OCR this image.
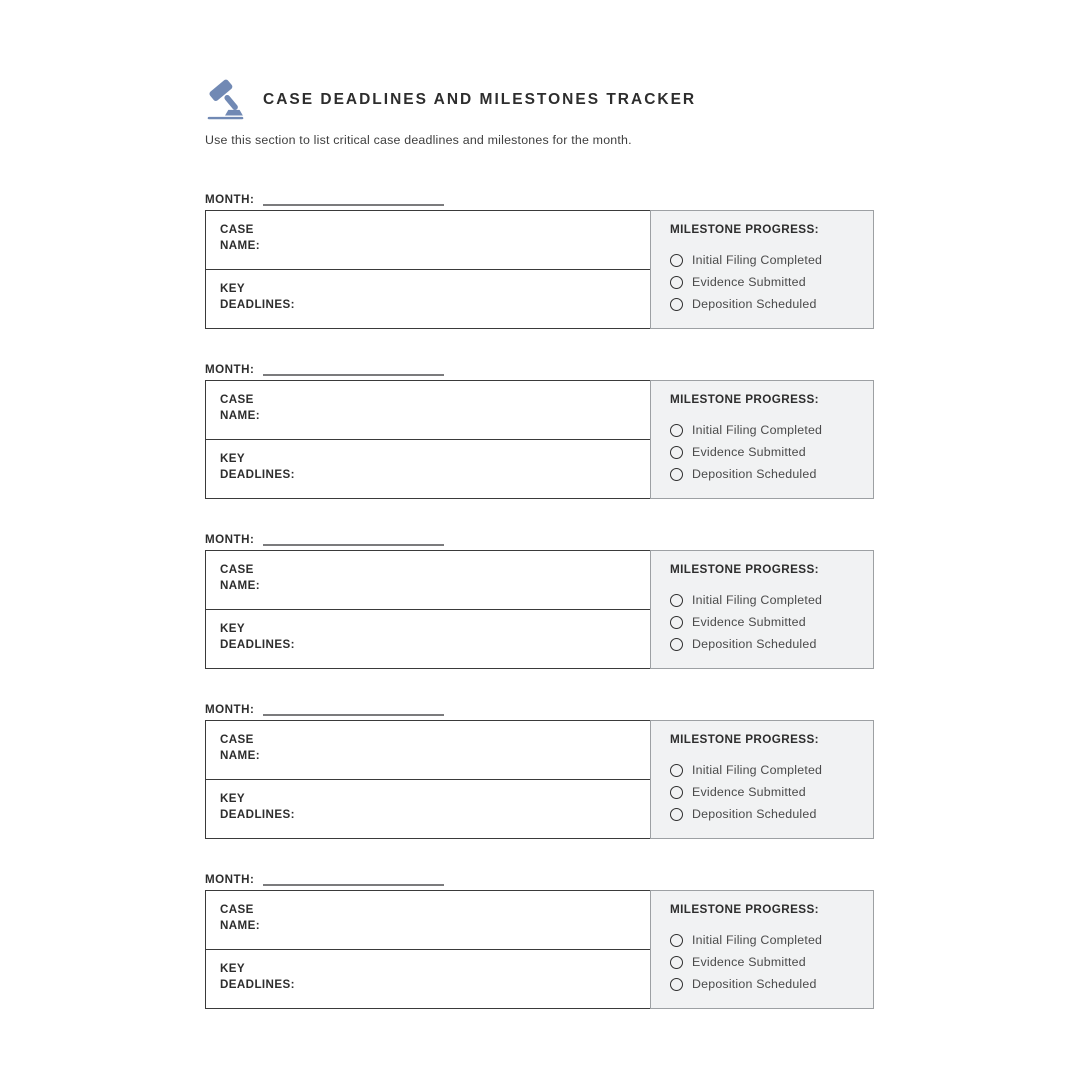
CASE DEADLINES AND MILESTONES TRACKER
Use this section to list critical case deadlines and milestones for the month.
MONTH:
CASE
NAME:
KEY
DEADLINES:
MILESTONE PROGRESS:
Initial Filing Completed
Evidence Submitted
Deposition Scheduled
MONTH:
CASE
NAME:
KEY
DEADLINES:
MILESTONE PROGRESS:
Initial Filing Completed
Evidence Submitted
Deposition Scheduled
MONTH:
CASE
NAME:
KEY
DEADLINES:
MILESTONE PROGRESS:
Initial Filing Completed
Evidence Submitted
Deposition Scheduled
MONTH:
CASE
NAME:
KEY
DEADLINES:
MILESTONE PROGRESS:
Initial Filing Completed
Evidence Submitted
Deposition Scheduled
MONTH:
CASE
NAME:
KEY
DEADLINES:
MILESTONE PROGRESS:
Initial Filing Completed
Evidence Submitted
Deposition Scheduled
